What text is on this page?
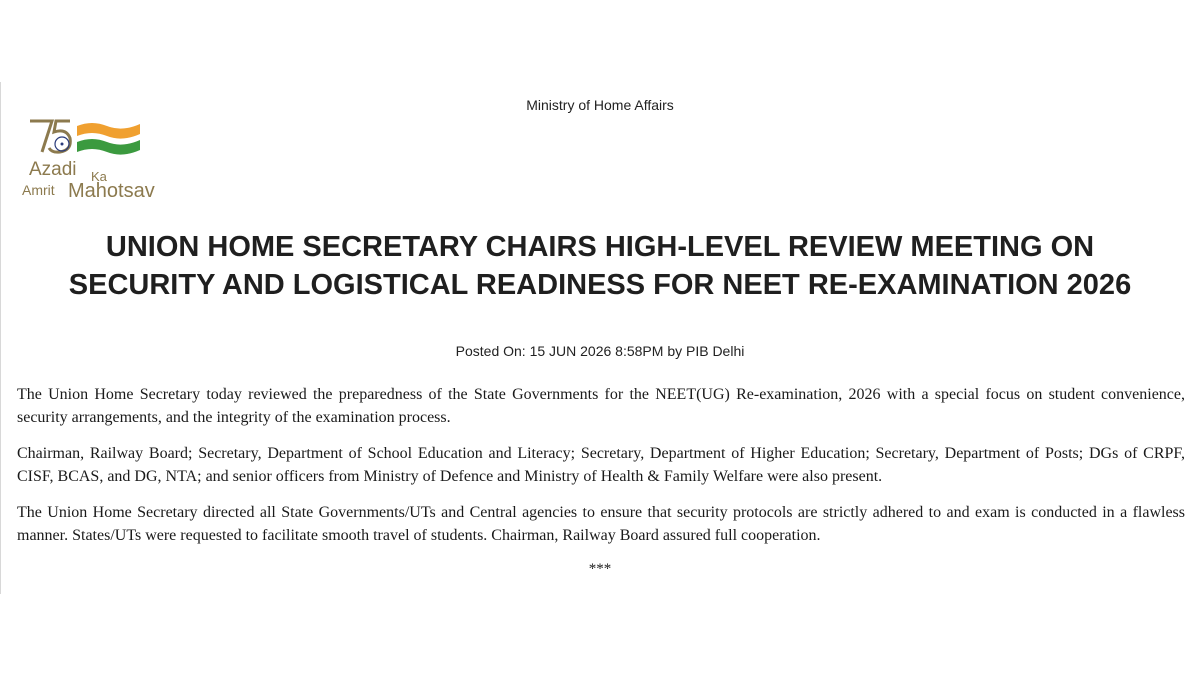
Ministry of Home Affairs
Azadi Ka
Amrit Mahotsav
UNION HOME SECRETARY CHAIRS HIGH-LEVEL REVIEW MEETING ON
SECURITY AND LOGISTICAL READINESS FOR NEET RE-EXAMINATION 2026
Posted On: 15 JUN 2026 8:58PM by PIB Delhi

The Union Home Secretary today reviewed the preparedness of the State Governments for the NEET(UG) Re-examination, 2026 with a special focus on student convenience, security arrangements, and the integrity of the examination process.

Chairman, Railway Board; Secretary, Department of School Education and Literacy; Secretary, Department of Higher Education; Secretary, Department of Posts; DGs of CRPF, CISF, BCAS, and DG, NTA; and senior officers from Ministry of Defence and Ministry of Health & Family Welfare were also present.

The Union Home Secretary directed all State Governments/UTs and Central agencies to ensure that security protocols are strictly adhered to and exam is conducted in a flawless manner. States/UTs were requested to facilitate smooth travel of students. Chairman, Railway Board assured full cooperation.

***
